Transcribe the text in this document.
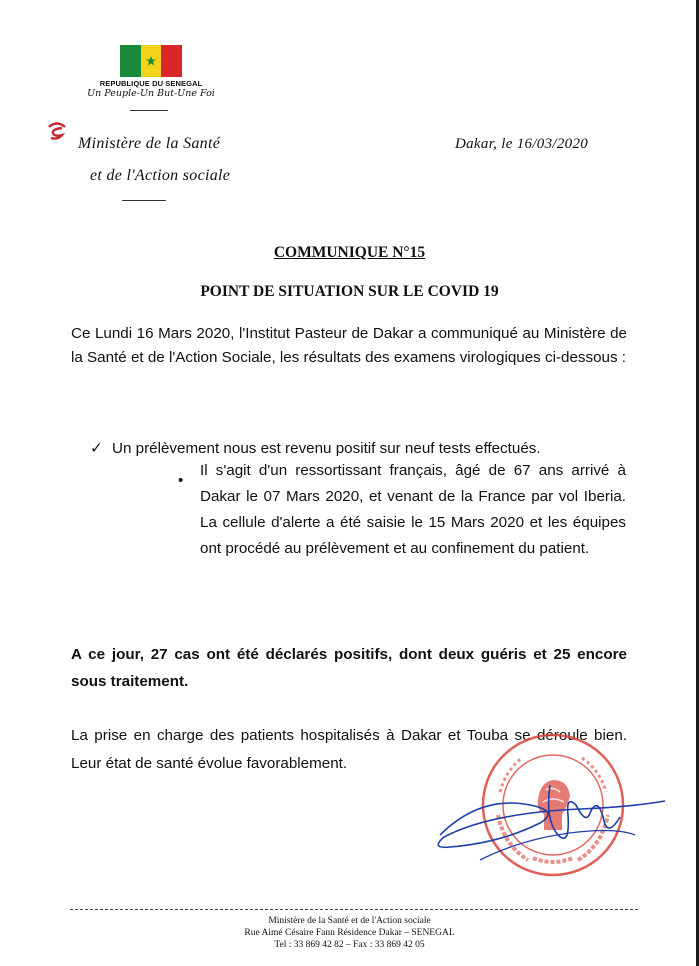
REPUBLIQUE DU SENEGAL
Un Peuple-Un But-Une Foi
Ministère de la Santé
et de l'Action sociale
Dakar, le 16/03/2020
COMMUNIQUE N°15
POINT DE SITUATION SUR LE COVID 19
Ce Lundi 16 Mars 2020, l'Institut Pasteur de Dakar a communiqué au Ministère de la Santé et de l'Action Sociale, les résultats des examens virologiques ci-dessous :
✓ Un prélèvement nous est revenu positif sur neuf tests effectués.
•
Il s'agit d'un ressortissant français, âgé de 67 ans arrivé à Dakar le 07 Mars 2020, et venant de la France par vol Iberia. La cellule d'alerte a été saisie le 15 Mars 2020 et les équipes ont procédé au prélèvement et au confinement du patient.
A ce jour, 27 cas ont été déclarés positifs, dont deux guéris et 25 encore sous traitement.
La prise en charge des patients hospitalisés à Dakar et Touba se déroule bien. Leur état de santé évolue favorablement.
Ministère de la Santé et de l'Action sociale
Rue Aimé Césaire Fann Résidence Dakar – SENEGAL
Tel : 33 869 42 82 – Fax : 33 869 42 05
